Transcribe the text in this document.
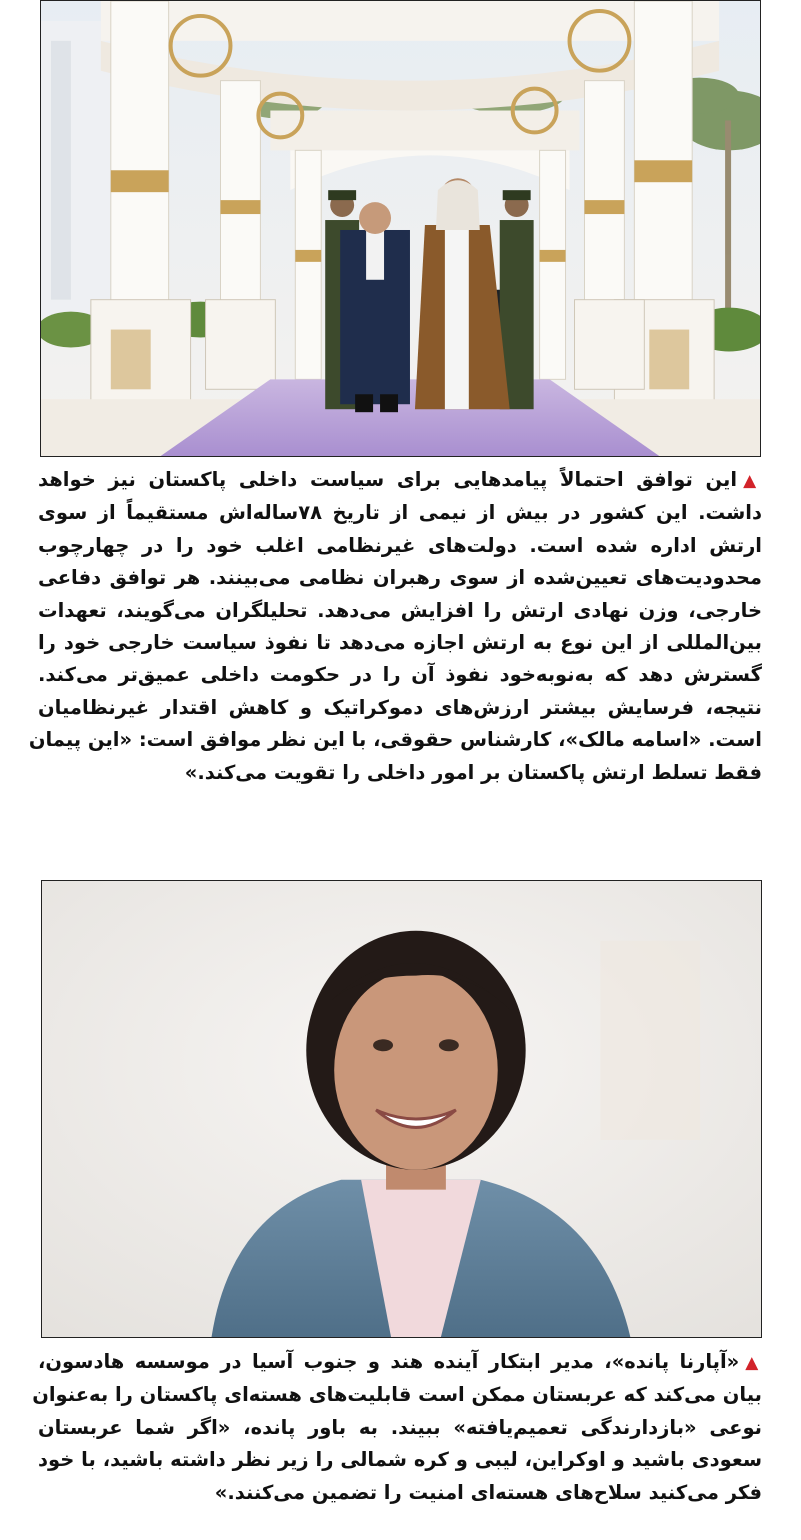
▲این توافق احتمالاً پیامدهایی برای سیاست داخلی پاکستان نیز خواهد
داشت. این کشور در بیش از نیمی از تاریخ ۷۸ساله‌اش مستقیماً از سوی
ارتش اداره شده است. دولت‌های غیرنظامی اغلب خود را در چهارچوب
محدودیت‌های تعیین‌شده از سوی رهبران نظامی می‌بینند. هر توافق دفاعی
خارجی، وزن نهادی ارتش را افزایش می‌دهد. تحلیلگران می‌گویند، تعهدات
بین‌المللی از این نوع به ارتش اجازه می‌دهد تا نفوذ سیاست خارجی خود را
گسترش دهد که به‌نوبه‌خود نفوذ آن را در حکومت داخلی عمیق‌تر می‌کند.
نتیجه، فرسایش بیشتر ارزش‌های دموکراتیک و کاهش اقتدار غیرنظامیان
است. «اسامه مالک»، کارشناس حقوقی، با این نظر موافق است: «این پیمان
فقط تسلط ارتش پاکستان بر امور داخلی را تقویت می‌کند.»
▲«آپارنا پانده»، مدیر ابتکار آینده هند و جنوب آسیا در موسسه هادسون،
بیان می‌کند که عربستان ممکن است قابلیت‌های هسته‌ای پاکستان را به‌عنوان
نوعی «بازدارندگی تعمیم‌یافته» ببیند. به باور پانده، «اگر شما عربستان
سعودی باشید و اوکراین، لیبی و کره شمالی را زیر نظر داشته باشید، با خود
فکر می‌کنید سلاح‌های هسته‌ای امنیت را تضمین می‌کنند.»
